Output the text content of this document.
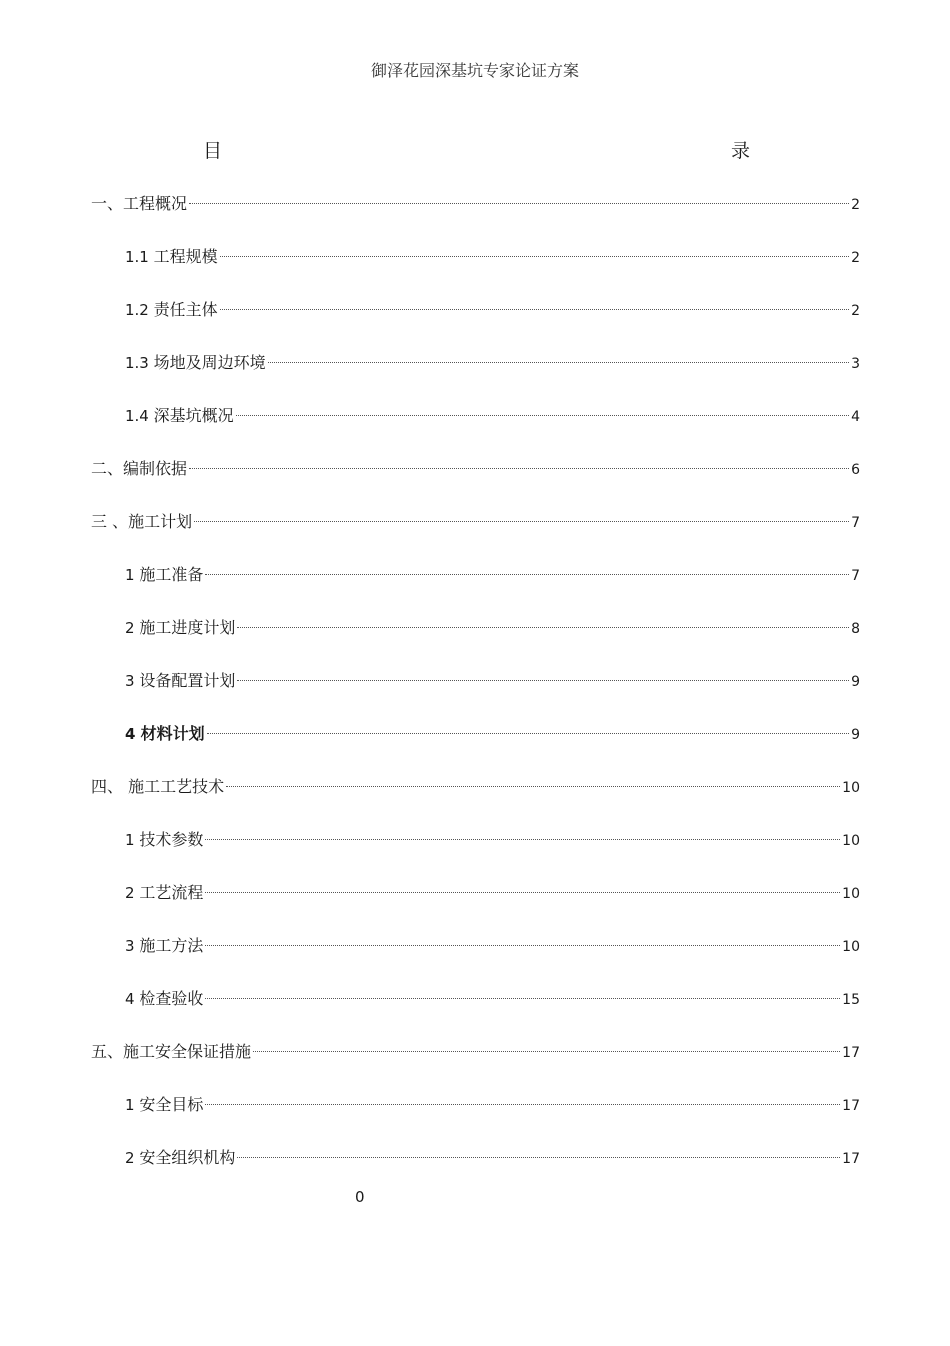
御泽花园深基坑专家论证方案
目	录
一、工程概况	2
1.1 工程规模	2
1.2 责任主体	2
1.3 场地及周边环境	3
1.4 深基坑概况	4
二、编制依据	6
三 、施工计划	7
1 施工准备	7
2 施工进度计划	8
3 设备配置计划	9
4 材料计划	9
四、 施工工艺技术	10
1 技术参数	10
2 工艺流程	10
3 施工方法	10
4 检查验收	15
五、施工安全保证措施	17
1 安全目标	17
2 安全组织机构	17
0
